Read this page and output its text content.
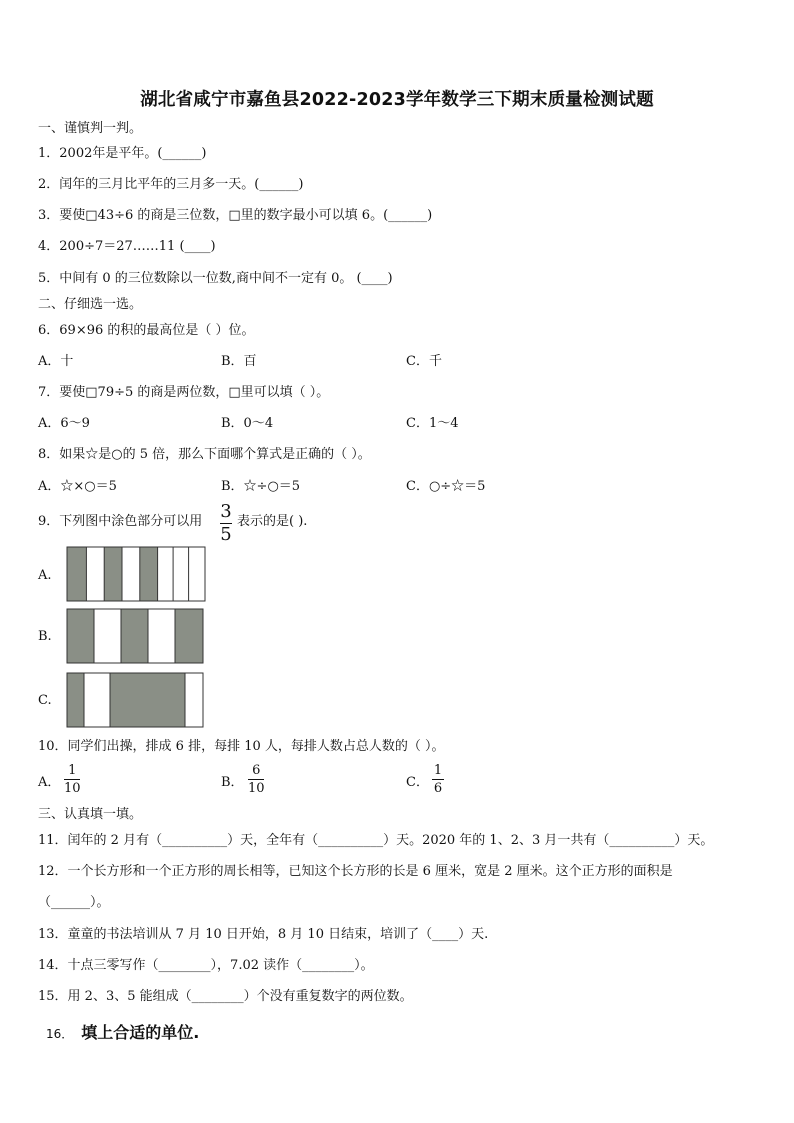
湖北省咸宁市嘉鱼县2022-2023学年数学三下期末质量检测试题
一、谨慎判一判。
1．2002年是平年。(______)
2．闰年的三月比平年的三月多一天。(______)
3．要使□43÷6 的商是三位数，□里的数字最小可以填 6。(______)
4．200÷7＝27……11 (____)
5．中间有 0 的三位数除以一位数,商中间不一定有 0。 (____)
二、仔细选一选。
6．69×96 的积的最高位是（ ）位。
A．十	B．百	C．千
7．要使□79÷5 的商是两位数，□里可以填（ ）。
A．6～9	B．0～4	C．1～4
8．如果☆是○的 5 倍，那么下面哪个算式是正确的（ ）。
A．☆×○＝5	B．☆÷○＝5	C．○÷☆＝5
9．下列图中涂色部分可以用 3
5
表示的是( ).
A.
B.
C.
10．同学们出操，排成 6 排，每排 10 人，每排人数占总人数的（ ）。
A．
1
10	B．
6
10	C．
1
6
三、认真填一填。
11．闰年的 2 月有（__________）天，全年有（__________）天。2020 年的 1、2、3 月一共有（__________）天。
12．一个长方形和一个正方形的周长相等，已知这个长方形的长是 6 厘米，宽是 2 厘米。这个正方形的面积是
（______）。
13．童童的书法培训从 7 月 10 日开始，8 月 10 日结束，培训了（____）天.
14．十点三零写作（________），7.02 读作（________）。
15．用 2、3、5 能组成（________）个没有重复数字的两位数。
16． 填上合适的单位.
